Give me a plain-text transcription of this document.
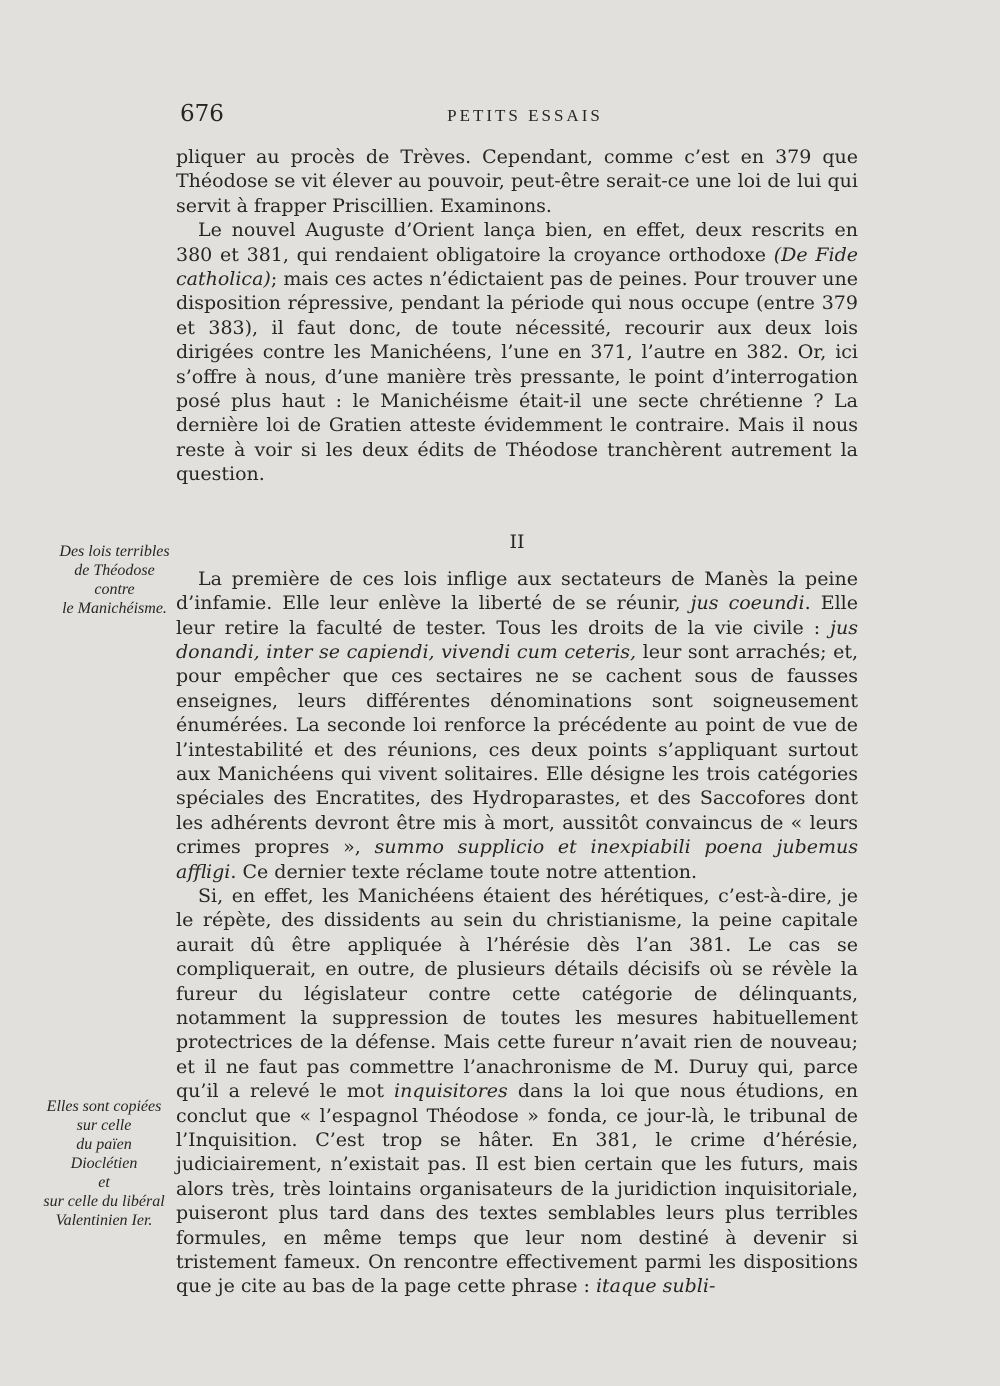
676	PETITS ESSAIS
Des lois terribles
de Théodose
contre
le Manichéisme.
Elles sont copiées
sur celle
du païen
Dioclétien
et
sur celle du libéral
Valentinien Ier.

pliquer au procès de Trèves. Cependant, comme c’est en 379 que Théodose se vit élever au pouvoir, peut-être serait-ce une loi de lui qui servit à frapper Priscillien. Examinons.

Le nouvel Auguste d’Orient lança bien, en effet, deux rescrits en 380 et 381, qui rendaient obligatoire la croyance orthodoxe (De Fide catholica); mais ces actes n’édictaient pas de peines. Pour trouver une disposition répressive, pendant la période qui nous occupe (entre 379 et 383), il faut donc, de toute nécessité, recourir aux deux lois dirigées contre les Manichéens, l’une en 371, l’autre en 382. Or, ici s’offre à nous, d’une manière très pressante, le point d’interrogation posé plus haut : le Manichéisme était-il une secte chrétienne ? La dernière loi de Gratien atteste évidemment le contraire. Mais il nous reste à voir si les deux édits de Théodose tranchèrent autrement la question.

II

La première de ces lois inflige aux sectateurs de Manès la peine d’infamie. Elle leur enlève la liberté de se réunir, jus coeundi. Elle leur retire la faculté de tester. Tous les droits de la vie civile : jus donandi, inter se capiendi, vivendi cum ceteris, leur sont arrachés; et, pour empêcher que ces sectaires ne se cachent sous de fausses enseignes, leurs différentes dénominations sont soigneusement énumérées. La seconde loi renforce la précédente au point de vue de l’intestabilité et des réunions, ces deux points s’appliquant surtout aux Manichéens qui vivent solitaires. Elle désigne les trois catégories spéciales des Encratites, des Hydroparastes, et des Saccofores dont les adhérents devront être mis à mort, aussitôt convaincus de « leurs crimes propres », summo supplicio et inexpiabili poena jubemus affligi. Ce dernier texte réclame toute notre attention.

Si, en effet, les Manichéens étaient des hérétiques, c’est-à-dire, je le répète, des dissidents au sein du christianisme, la peine capitale aurait dû être appliquée à l’hérésie dès l’an 381. Le cas se compliquerait, en outre, de plusieurs détails décisifs où se révèle la fureur du législateur contre cette catégorie de délinquants, notamment la suppression de toutes les mesures habituellement protectrices de la défense. Mais cette fureur n’avait rien de nouveau; et il ne faut pas commettre l’anachronisme de M. Duruy qui, parce qu’il a relevé le mot inquisitores dans la loi que nous étudions, en conclut que « l’espagnol Théodose » fonda, ce jour-là, le tribunal de l’Inquisition. C’est trop se hâter. En 381, le crime d’hérésie, judiciairement, n’existait pas. Il est bien certain que les futurs, mais alors très, très lointains organisateurs de la juridiction inquisitoriale, puiseront plus tard dans des textes semblables leurs plus terribles formules, en même temps que leur nom destiné à devenir si tristement fameux. On rencontre effectivement parmi les dispositions que je cite au bas de la page cette phrase : itaque subli-
